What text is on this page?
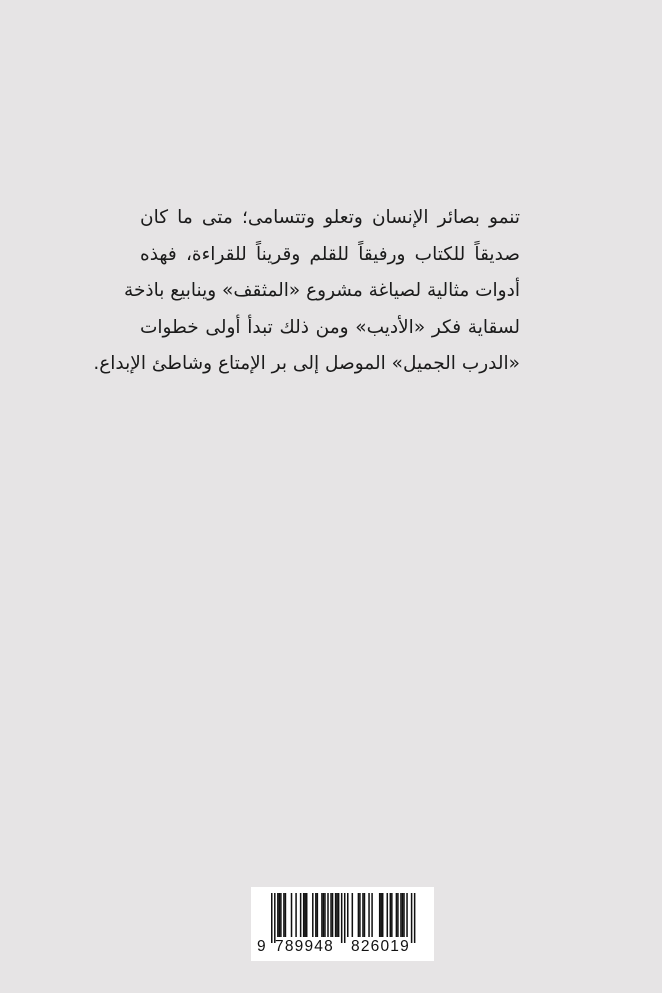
تنمو بصائر الإنسان وتعلو وتتسامى؛ متى ما كان
صديقاً للكتاب ورفيقاً للقلم وقريناً للقراءة، فهذه
أدوات مثالية لصياغة مشروع «المثقف» وينابيع باذخة
لسقاية فكر «الأديب» ومن ذلك تبدأ أولى خطوات
«الدرب الجميل» الموصل إلى بر الإمتاع وشاطئ الإبداع.
9 789948 826019
